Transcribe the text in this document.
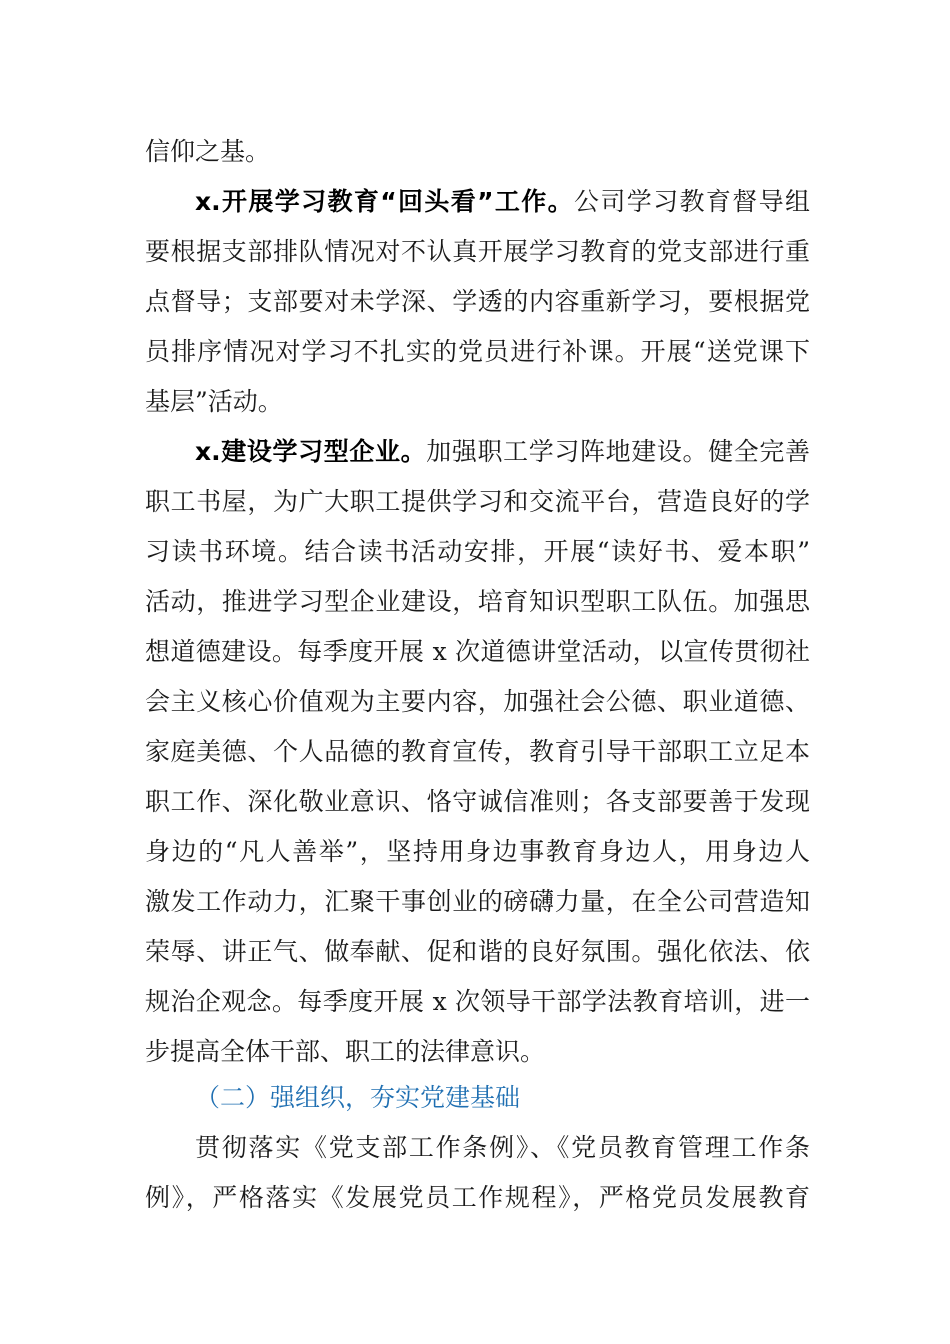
信仰之基。
x.开展学习教育“回头看”工作。公司学习教育督导组
要根据支部排队情况对不认真开展学习教育的党支部进行重
点督导；支部要对未学深、学透的内容重新学习，要根据党
员排序情况对学习不扎实的党员进行补课。开展“送党课下
基层”活动。
x.建设学习型企业。加强职工学习阵地建设。健全完善
职工书屋，为广大职工提供学习和交流平台，营造良好的学
习读书环境。结合读书活动安排，开展“读好书、爱本职”
活动，推进学习型企业建设，培育知识型职工队伍。加强思
想道德建设。每季度开展 x 次道德讲堂活动，以宣传贯彻社
会主义核心价值观为主要内容，加强社会公德、职业道德、
家庭美德、个人品德的教育宣传，教育引导干部职工立足本
职工作、深化敬业意识、恪守诚信准则；各支部要善于发现
身边的“凡人善举”，坚持用身边事教育身边人，用身边人
激发工作动力，汇聚干事创业的磅礴力量，在全公司营造知
荣辱、讲正气、做奉献、促和谐的良好氛围。强化依法、依
规治企观念。每季度开展 x 次领导干部学法教育培训，进一
步提高全体干部、职工的法律意识。
（二）强组织，夯实党建基础
贯彻落实《党支部工作条例》、《党员教育管理工作条
例》，严格落实《发展党员工作规程》，严格党员发展教育
